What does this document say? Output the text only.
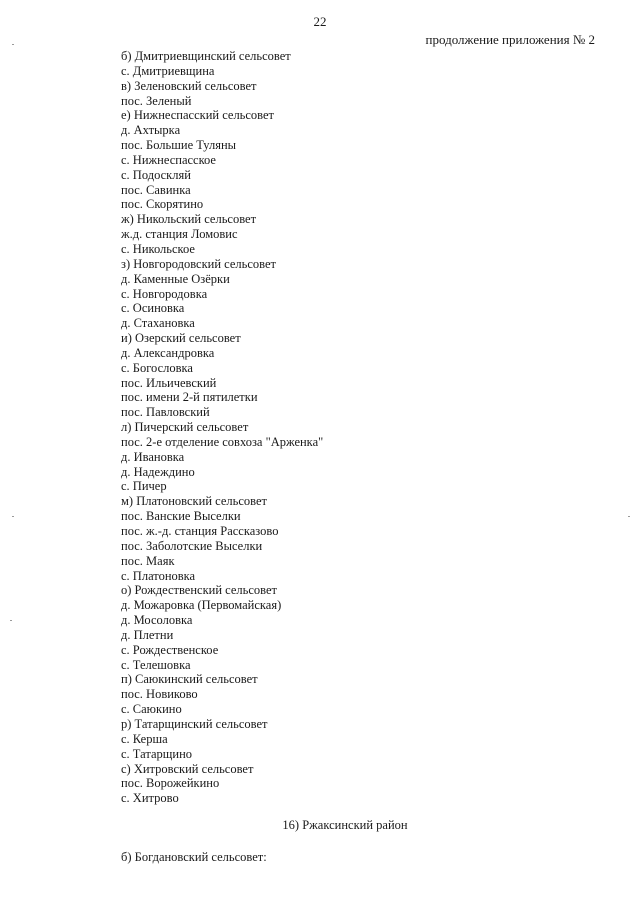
22
продолжение приложения № 2
б) Дмитриевщинский сельсовет
с. Дмитриевщина
в) Зеленовский сельсовет
пос. Зеленый
е) Нижнеспасский сельсовет
д. Ахтырка
пос. Большие Туляны
с. Нижнеспасское
с. Подоскляй
пос. Савинка
пос. Скорятино
ж) Никольский сельсовет
ж.д. станция Ломовис
с. Никольское
з) Новгородовский сельсовет
д. Каменные Озёрки
с. Новгородовка
с. Осиновка
д. Стахановка
и) Озерский сельсовет
д. Александровка
с. Богословка
пос. Ильичевский
пос. имени 2-й пятилетки
пос. Павловский
л) Пичерский сельсовет
пос. 2-е отделение совхоза "Арженка"
д. Ивановка
д. Надеждино
с. Пичер
м) Платоновский сельсовет
пос. Ванские Выселки
пос. ж.-д. станция Рассказово
пос. Заболотские Выселки
пос. Маяк
с. Платоновка
о) Рождественский сельсовет
д. Можаровка (Первомайская)
д. Мосоловка
д. Плетни
с. Рождественское
с. Телешовка
п) Саюкинский сельсовет
пос. Новиково
с. Саюкино
р) Татарщинский сельсовет
с. Керша
с. Татарщино
с) Хитровский сельсовет
пос. Ворожейкино
с. Хитрово
16) Ржаксинский район
б) Богдановский сельсовет:
